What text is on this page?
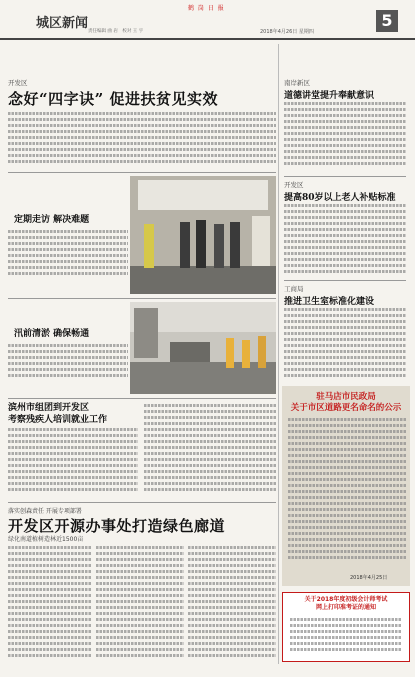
城区新闻
责任编辑 曲 岩　校对 王 宇
鹤 岗 日 报
2018年4月26日 星期四
5
开发区
念好“四字诀” 促进扶贫见实效
定期走访 解决难题
汛前清淤 确保畅通
滨州市组团到开发区
考察残疾人培训就业工作
落实创森责任 开展专项部署
开发区开源办事处打造绿色廊道
绿化南道植树造林近1500亩
南岸新区
道德讲堂提升奉献意识
开发区
提高80岁以上老人补贴标准
工商局
推进卫生室标准化建设
驻马店市民政局
关于市区道路更名命名的公示
2018年4月25日
关于2018年度初级会计师考试
网上打印准考证的通知
